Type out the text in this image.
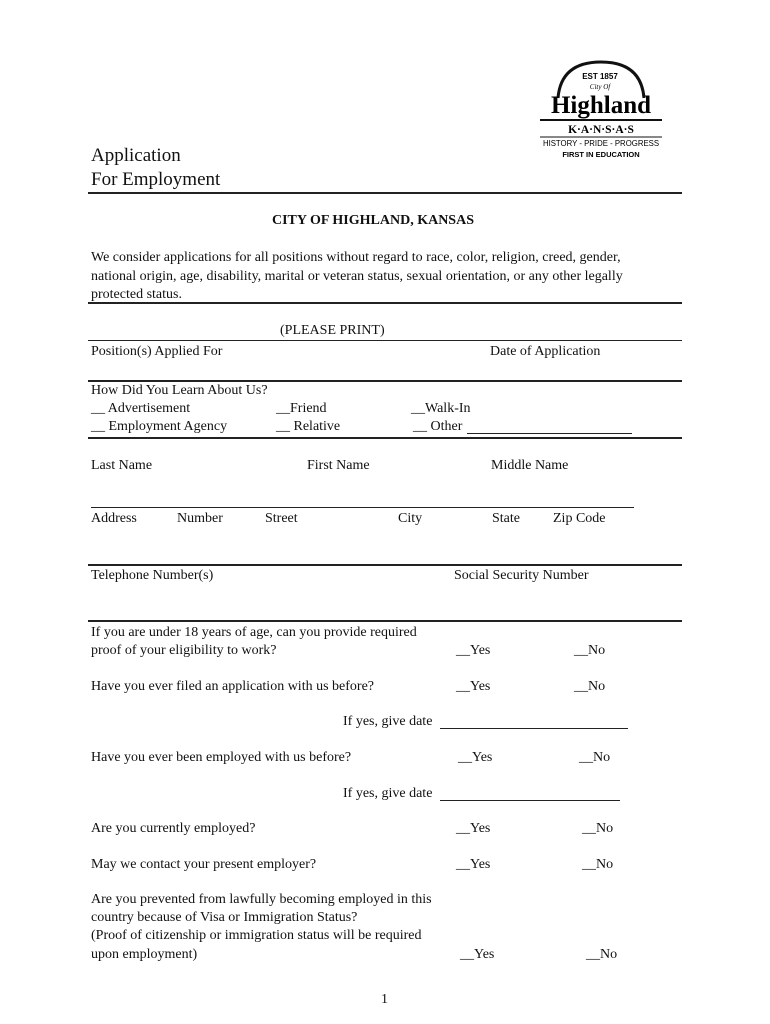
EST 1857
City Of
Highland
K·A·N·S·A·S
HISTORY - PRIDE - PROGRESS
FIRST IN EDUCATION
Application
For Employment
CITY OF HIGHLAND, KANSAS
We consider applications for all positions without regard to race, color, religion, creed, gender,
national origin, age, disability, marital or veteran status, sexual orientation, or any other legally
protected status.
(PLEASE PRINT)
Position(s) Applied For	Date of Application
How Did You Learn About Us?
__ Advertisement	__Friend	__Walk-In
__ Employment Agency	__ Relative	__ Other
Last Name	First Name	Middle Name
Address	Number	Street	City	State Zip Code
Telephone Number(s)	Social Security Number
If you are under 18 years of age, can you provide required
proof of your eligibility to work?	__Yes	__No
Have you ever filed an application with us before?	__Yes	__No
If yes, give date
Have you ever been employed with us before?	__Yes	__No
If yes, give date
Are you currently employed?	__Yes	__No
May we contact your present employer?	__Yes	__No
Are you prevented from lawfully becoming employed in this
country because of Visa or Immigration Status?
(Proof of citizenship or immigration status will be required
upon employment)	__Yes	__No
1
